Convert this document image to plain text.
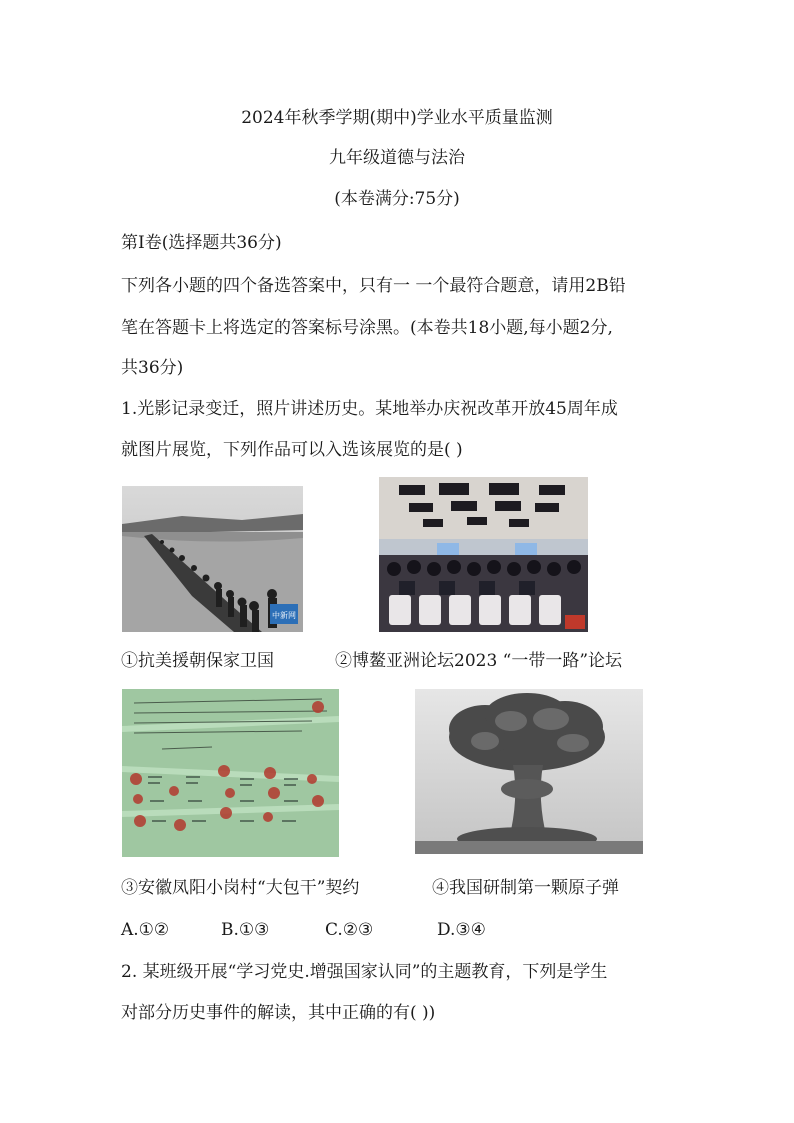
2024年秋季学期(期中)学业水平质量监测
九年级道德与法治
(本卷满分:75分)
第Ⅰ卷(选择题共36分)
下列各小题的四个备选答案中，只有一 一个最符合题意，请用2B铅
笔在答题卡上将选定的答案标号涂黑。(本卷共18小题,每小题2分,
共36分)
1.光影记录变迁，照片讲述历史。某地举办庆祝改革开放45周年成
就图片展览，下列作品可以入选该展览的是( )
中新网
①抗美援朝保家卫国	②博鳌亚洲论坛2023 “一带一路”论坛
③安徽凤阳小岗村“大包干”契约	④我国研制第一颗原子弹
A.①②	B.①③	C.②③	D.③④
2. 某班级开展“学习党史.增强国家认同”的主题教育，下列是学生
对部分历史事件的解读，其中正确的有( ))
